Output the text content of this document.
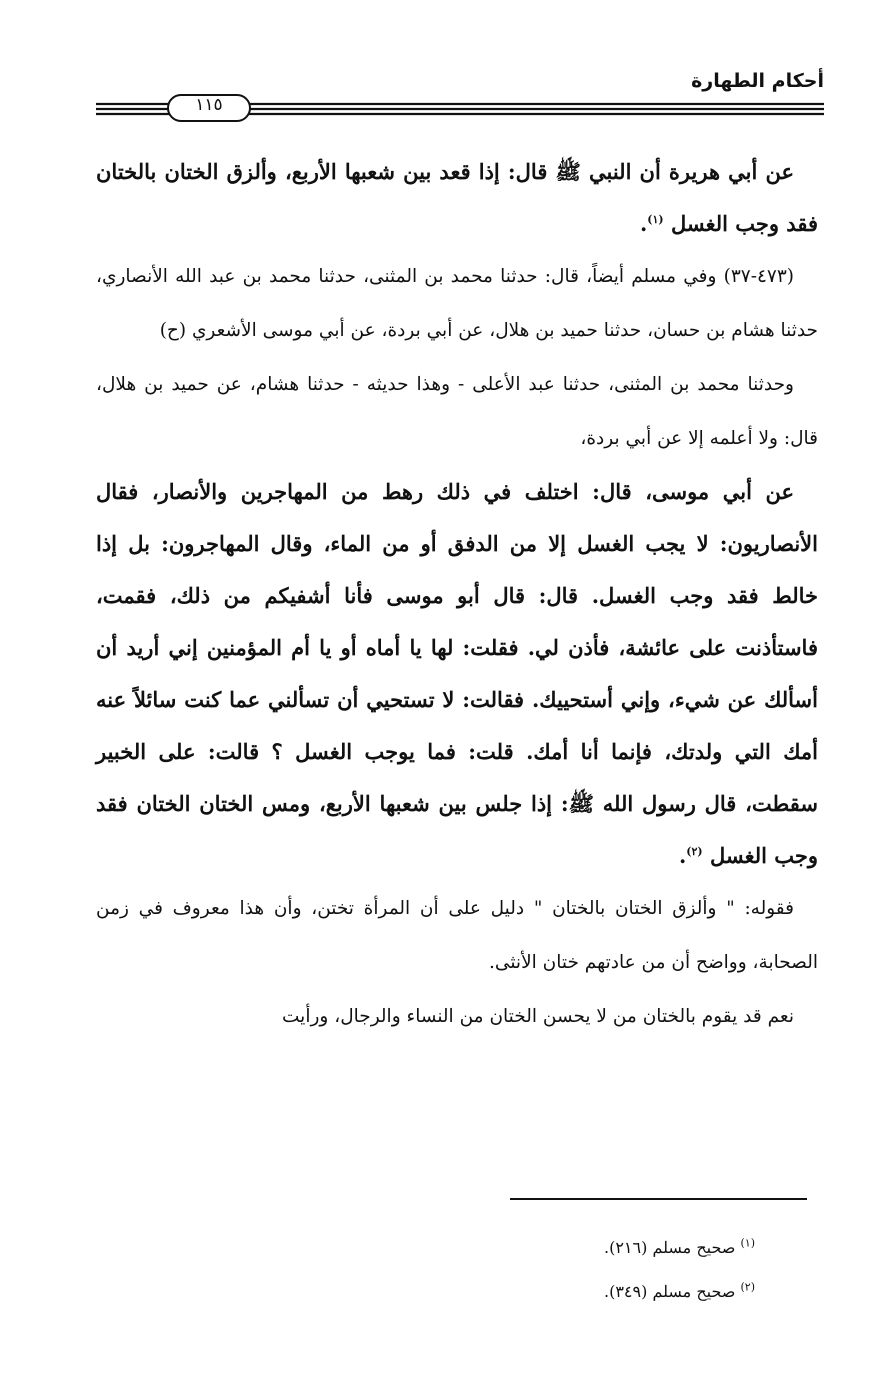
أحكام الطهارة
١١٥

عن أبي هريرة أن النبي ﷺ قال: إذا قعد بين شعبها الأربع، وألزق الختان بالختان فقد وجب الغسل $^{(١)}$.

(٤٧٣-٣٧) وفي مسلم أيضاً، قال: حدثنا محمد بن المثنى، حدثنا محمد بن عبد الله الأنصاري، حدثنا هشام بن حسان، حدثنا حميد بن هلال، عن أبي بردة، عن أبي موسى الأشعري (ح)

وحدثنا محمد بن المثنى، حدثنا عبد الأعلى - وهذا حديثه - حدثنا هشام، عن حميد بن هلال، قال: ولا أعلمه إلا عن أبي بردة،

عن أبي موسى، قال: اختلف في ذلك رهط من المهاجرين والأنصار، فقال الأنصاريون: لا يجب الغسل إلا من الدفق أو من الماء، وقال المهاجرون: بل إذا خالط فقد وجب الغسل. قال: قال أبو موسى فأنا أشفيكم من ذلك، فقمت، فاستأذنت على عائشة، فأذن لي. فقلت: لها يا أماه أو يا أم المؤمنين إني أريد أن أسألك عن شيء، وإني أستحييك. فقالت: لا تستحيي أن تسألني عما كنت سائلاً عنه أمك التي ولدتك، فإنما أنا أمك. قلت: فما يوجب الغسل ؟ قالت: على الخبير سقطت، قال رسول الله ﷺ: إذا جلس بين شعبها الأربع، ومس الختان الختان فقد وجب الغسل $^{(٢)}$.

فقوله: " وألزق الختان بالختان " دليل على أن المرأة تختن، وأن هذا معروف في زمن الصحابة، وواضح أن من عادتهم ختان الأنثى.

نعم قد يقوم بالختان من لا يحسن الختان من النساء والرجال، ورأيت

$^{(١)}$ صحيح مسلم (٢١٦).

$^{(٢)}$ صحيح مسلم (٣٤٩).
